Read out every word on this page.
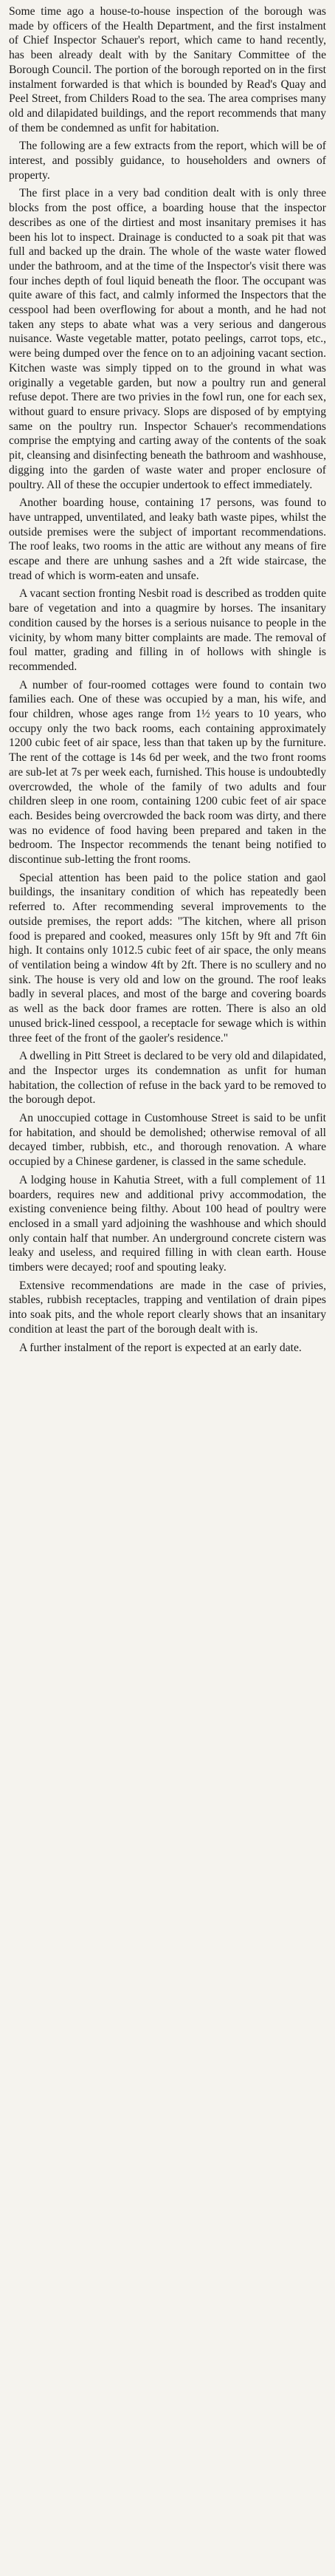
Some time ago a house-to-house inspection of the borough was made by officers of the Health Department, and the first instalment of Chief Inspector Schauer's report, which came to hand recently, has been already dealt with by the Sanitary Committee of the Borough Council. The portion of the borough reported on in the first instalment forwarded is that which is bounded by Read's Quay and Peel Street, from Childers Road to the sea. The area comprises many old and dilapidated buildings, and the report recommends that many of them be condemned as unfit for habitation.

The following are a few extracts from the report, which will be of interest, and possibly guidance, to householders and owners of property.

The first place in a very bad condition dealt with is only three blocks from the post office, a boarding house that the inspector describes as one of the dirtiest and most insanitary premises it has been his lot to inspect. Drainage is conducted to a soak pit that was full and backed up the drain. The whole of the waste water flowed under the bathroom, and at the time of the Inspector's visit there was four inches depth of foul liquid beneath the floor. The occupant was quite aware of this fact, and calmly informed the Inspectors that the cesspool had been overflowing for about a month, and he had not taken any steps to abate what was a very serious and dangerous nuisance. Waste vegetable matter, potato peelings, carrot tops, etc., were being dumped over the fence on to an adjoining vacant section. Kitchen waste was simply tipped on to the ground in what was originally a vegetable garden, but now a poultry run and general refuse depot. There are two privies in the fowl run, one for each sex, without guard to ensure privacy. Slops are disposed of by emptying same on the poultry run. Inspector Schauer's recommendations comprise the emptying and carting away of the contents of the soak pit, cleansing and disinfecting beneath the bathroom and washhouse, digging into the garden of waste water and proper enclosure of poultry. All of these the occupier undertook to effect immediately.

Another boarding house, containing 17 persons, was found to have untrapped, unventilated, and leaky bath waste pipes, whilst the outside premises were the subject of important recommendations. The roof leaks, two rooms in the attic are without any means of fire escape and there are unhung sashes and a 2ft wide staircase, the tread of which is worm-eaten and unsafe.

A vacant section fronting Nesbit road is described as trodden quite bare of vegetation and into a quagmire by horses. The insanitary condition caused by the horses is a serious nuisance to people in the vicinity, by whom many bitter complaints are made. The removal of foul matter, grading and filling in of hollows with shingle is recommended.

A number of four-roomed cottages were found to contain two families each. One of these was occupied by a man, his wife, and four children, whose ages range from 1½ years to 10 years, who occupy only the two back rooms, each containing approximately 1200 cubic feet of air space, less than that taken up by the furniture. The rent of the cottage is 14s 6d per week, and the two front rooms are sub-let at 7s per week each, furnished. This house is undoubtedly overcrowded, the whole of the family of two adults and four children sleep in one room, containing 1200 cubic feet of air space each. Besides being overcrowded the back room was dirty, and there was no evidence of food having been prepared and taken in the bedroom. The Inspector recommends the tenant being notified to discontinue sub-letting the front rooms.

Special attention has been paid to the police station and gaol buildings, the insanitary condition of which has repeatedly been referred to. After recommending several improvements to the outside premises, the report adds: "The kitchen, where all prison food is prepared and cooked, measures only 15ft by 9ft and 7ft 6in high. It contains only 1012.5 cubic feet of air space, the only means of ventilation being a window 4ft by 2ft. There is no scullery and no sink. The house is very old and low on the ground. The roof leaks badly in several places, and most of the barge and covering boards as well as the back door frames are rotten. There is also an old unused brick-lined cesspool, a receptacle for sewage which is within three feet of the front of the gaoler's residence."

A dwelling in Pitt Street is declared to be very old and dilapidated, and the Inspector urges its condemnation as unfit for human habitation, the collection of refuse in the back yard to be removed to the borough depot.

An unoccupied cottage in Customhouse Street is said to be unfit for habitation, and should be demolished; otherwise removal of all decayed timber, rubbish, etc., and thorough renovation. A whare occupied by a Chinese gardener, is classed in the same schedule.

A lodging house in Kahutia Street, with a full complement of 11 boarders, requires new and additional privy accommodation, the existing convenience being filthy. About 100 head of poultry were enclosed in a small yard adjoining the washhouse and which should only contain half that number. An underground concrete cistern was leaky and useless, and required filling in with clean earth. House timbers were decayed; roof and spouting leaky.

Extensive recommendations are made in the case of privies, stables, rubbish receptacles, trapping and ventilation of drain pipes into soak pits, and the whole report clearly shows that an insanitary condition at least the part of the borough dealt with is.

A further instalment of the report is expected at an early date.
